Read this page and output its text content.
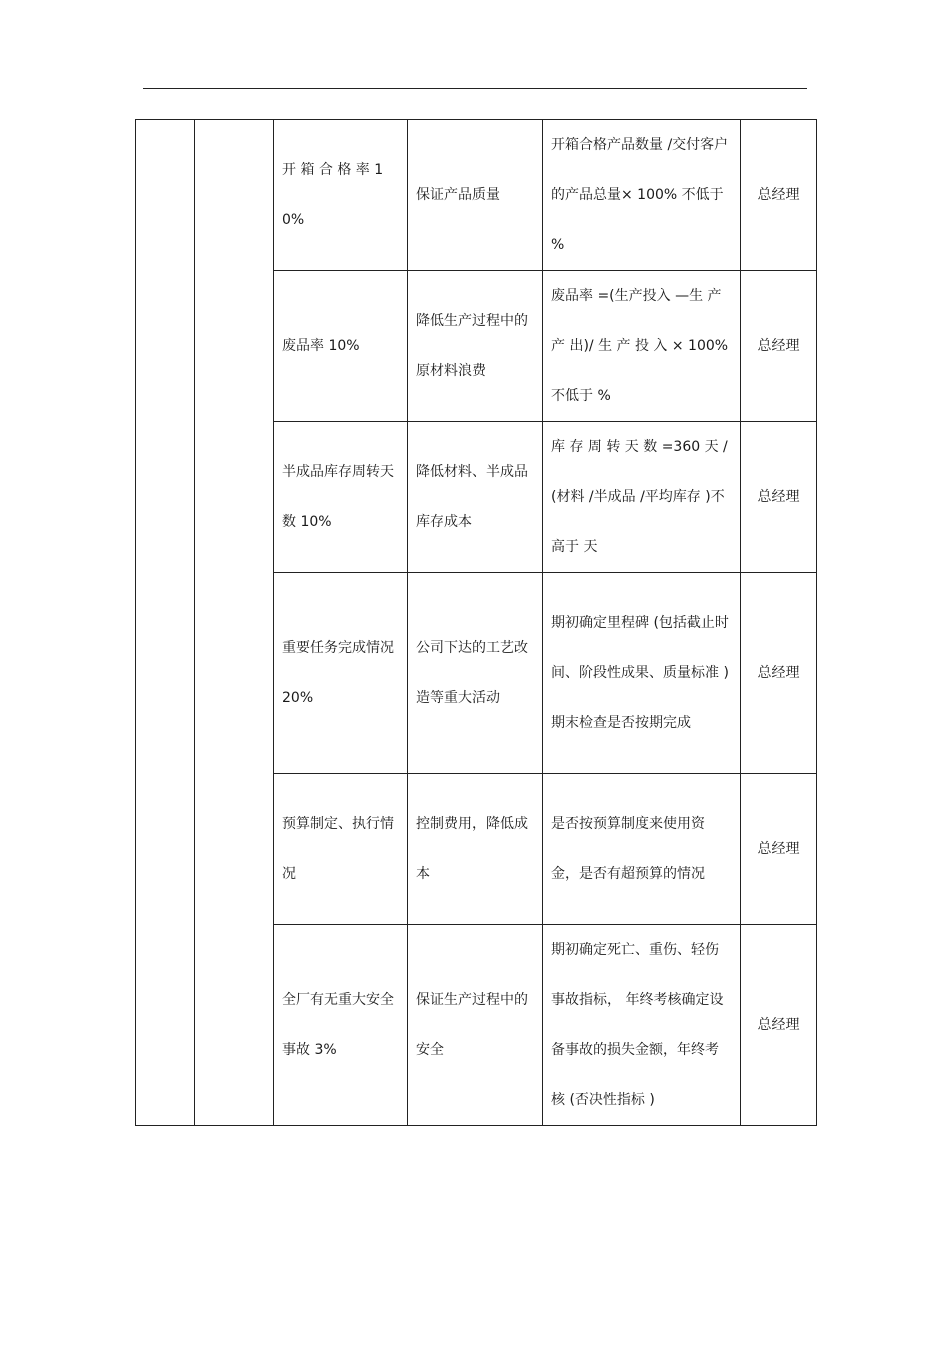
		开 箱 合 格 率 10%	保证产品质量	开箱合格产品数量 /交付客户的产品总量× 100% 不低于 %	总经理
		废品率 10%	降低生产过程中的原材料浪费	废品率 =(生产投入 —生 产 产 出)/ 生 产 投 入 × 100%不低于 %	总经理
		半成品库存周转天数 10%	降低材料、半成品库存成本	库 存 周 转 天 数 =360 天 /(材料 /半成品 /平均库存 )不高于 天	总经理
		重要任务完成情况 20%	公司下达的工艺改造等重大活动	期初确定里程碑 (包括截止时间、阶段性成果、质量标准 )期末检查是否按期完成	总经理
		预算制定、执行情况	控制费用，降低成本	是否按预算制度来使用资金，是否有超预算的情况	总经理
		全厂有无重大安全事故 3%	保证生产过程中的安全	期初确定死亡、重伤、轻伤事故指标， 年终考核确定设备事故的损失金额，年终考核 (否决性指标 )	总经理
